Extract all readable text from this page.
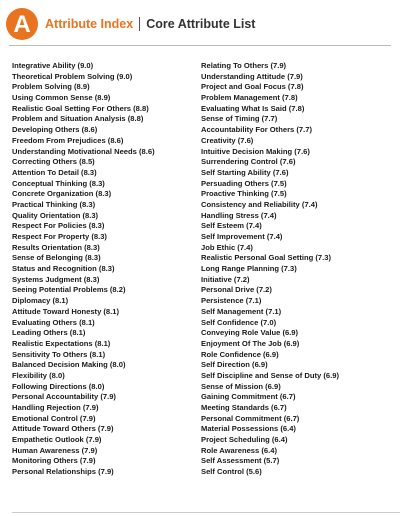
A Attribute Index Core Attribute List
Integrative Ability (9.0)
Theoretical Problem Solving (9.0)
Problem Solving (8.9)
Using Common Sense (8.9)
Realistic Goal Setting For Others (8.8)
Problem and Situation Analysis (8.8)
Developing Others (8.6)
Freedom From Prejudices (8.6)
Understanding Motivational Needs (8.6)
Correcting Others (8.5)
Attention To Detail (8.3)
Conceptual Thinking (8.3)
Concrete Organization (8.3)
Practical Thinking (8.3)
Quality Orientation (8.3)
Respect For Policies (8.3)
Respect For Property (8.3)
Results Orientation (8.3)
Sense of Belonging (8.3)
Status and Recognition (8.3)
Systems Judgment (8.3)
Seeing Potential Problems (8.2)
Diplomacy (8.1)
Attitude Toward Honesty (8.1)
Evaluating Others (8.1)
Leading Others (8.1)
Realistic Expectations (8.1)
Sensitivity To Others (8.1)
Balanced Decision Making (8.0)
Flexibility (8.0)
Following Directions (8.0)
Personal Accountability (7.9)
Handling Rejection (7.9)
Emotional Control (7.9)
Attitude Toward Others (7.9)
Empathetic Outlook (7.9)
Human Awareness (7.9)
Monitoring Others (7.9)
Personal Relationships (7.9)
Relating To Others (7.9)
Understanding Attitude (7.9)
Project and Goal Focus (7.8)
Problem Management (7.8)
Evaluating What Is Said (7.8)
Sense of Timing (7.7)
Accountability For Others (7.7)
Creativity (7.6)
Intuitive Decision Making (7.6)
Surrendering Control (7.6)
Self Starting Ability (7.6)
Persuading Others (7.5)
Proactive Thinking (7.5)
Consistency and Reliability (7.4)
Handling Stress (7.4)
Self Esteem (7.4)
Self Improvement (7.4)
Job Ethic (7.4)
Realistic Personal Goal Setting (7.3)
Long Range Planning (7.3)
Initiative (7.2)
Personal Drive (7.2)
Persistence (7.1)
Self Management (7.1)
Self Confidence (7.0)
Conveying Role Value (6.9)
Enjoyment Of The Job (6.9)
Role Confidence (6.9)
Self Direction (6.9)
Self Discipline and Sense of Duty (6.9)
Sense of Mission (6.9)
Gaining Commitment (6.7)
Meeting Standards (6.7)
Personal Commitment (6.7)
Material Possessions (6.4)
Project Scheduling (6.4)
Role Awareness (6.4)
Self Assessment (5.7)
Self Control (5.6)
